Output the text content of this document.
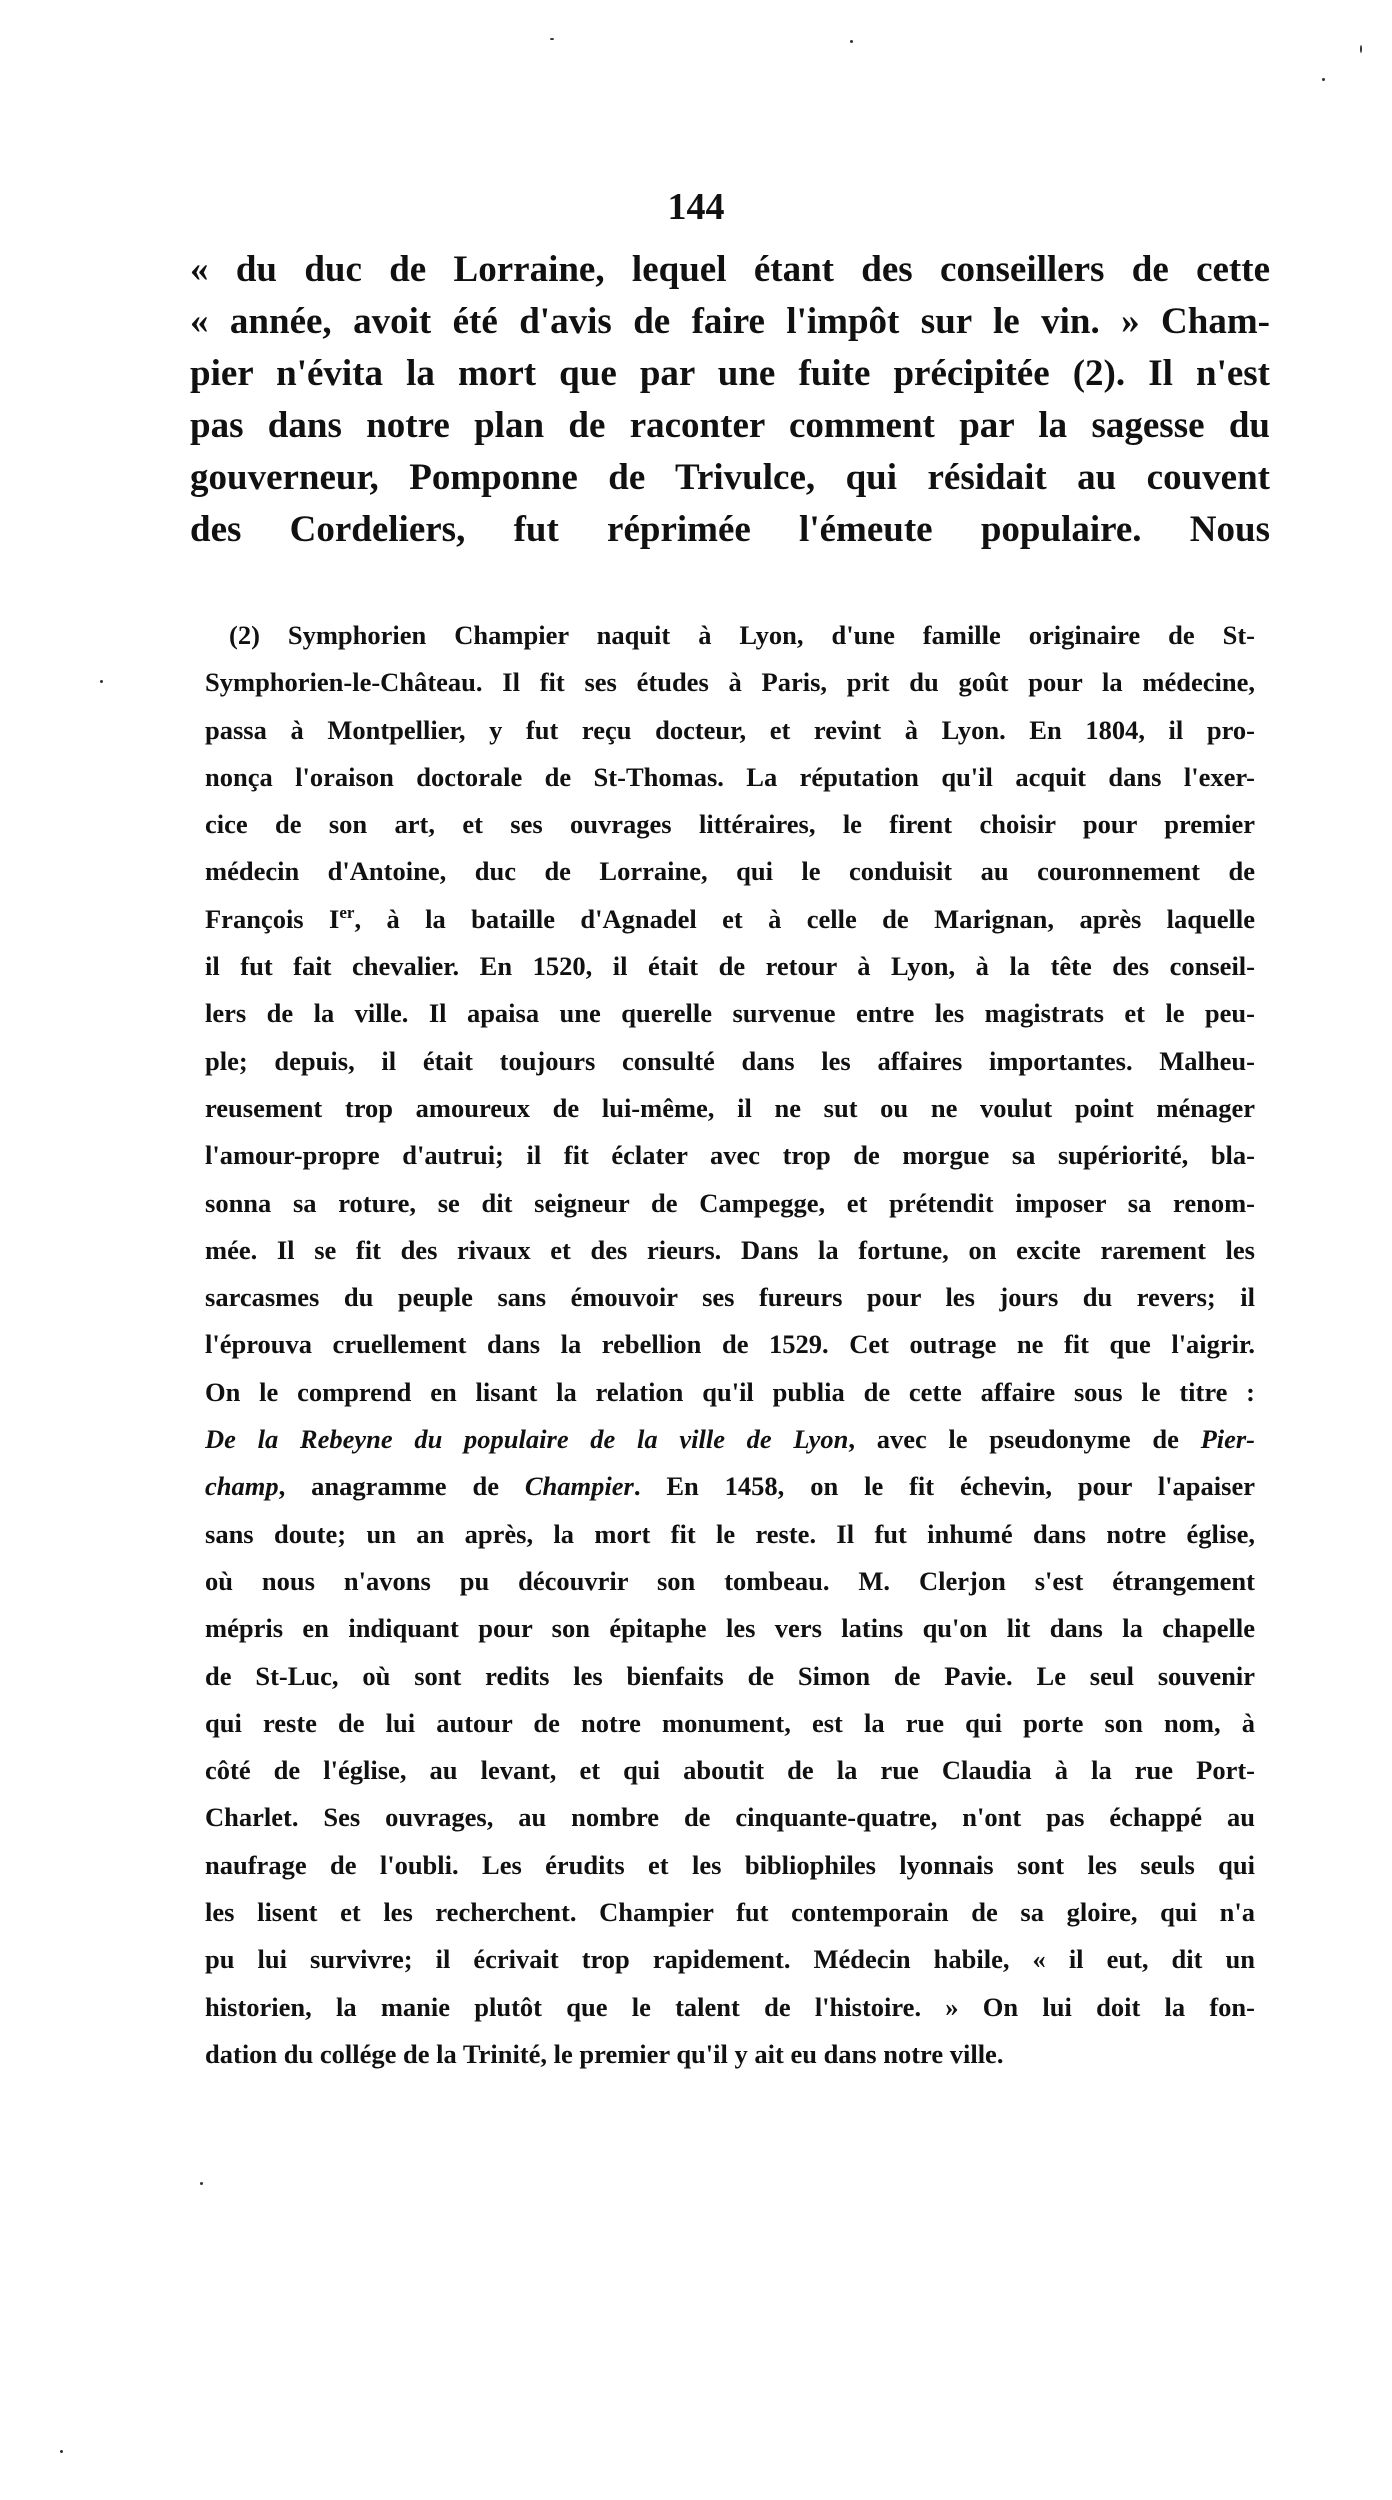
144
« du duc de Lorraine, lequel étant des conseillers de cette
« année, avoit été d'avis de faire l'impôt sur le vin. » Cham-
pier n'évita la mort que par une fuite précipitée (2). Il n'est
pas dans notre plan de raconter comment par la sagesse du
gouverneur, Pomponne de Trivulce, qui résidait au couvent
des Cordeliers, fut réprimée l'émeute populaire. Nous
(2) Symphorien Champier naquit à Lyon, d'une famille originaire de St-
Symphorien-le-Château. Il fit ses études à Paris, prit du goût pour la médecine,
passa à Montpellier, y fut reçu docteur, et revint à Lyon. En 1804, il pro-
nonça l'oraison doctorale de St-Thomas. La réputation qu'il acquit dans l'exer-
cice de son art, et ses ouvrages littéraires, le firent choisir pour premier
médecin d'Antoine, duc de Lorraine, qui le conduisit au couronnement de
François Ier, à la bataille d'Agnadel et à celle de Marignan, après laquelle
il fut fait chevalier. En 1520, il était de retour à Lyon, à la tête des conseil-
lers de la ville. Il apaisa une querelle survenue entre les magistrats et le peu-
ple; depuis, il était toujours consulté dans les affaires importantes. Malheu-
reusement trop amoureux de lui-même, il ne sut ou ne voulut point ménager
l'amour-propre d'autrui; il fit éclater avec trop de morgue sa supériorité, bla-
sonna sa roture, se dit seigneur de Campegge, et prétendit imposer sa renom-
mée. Il se fit des rivaux et des rieurs. Dans la fortune, on excite rarement les
sarcasmes du peuple sans émouvoir ses fureurs pour les jours du revers; il
l'éprouva cruellement dans la rebellion de 1529. Cet outrage ne fit que l'aigrir.
On le comprend en lisant la relation qu'il publia de cette affaire sous le titre :
De la Rebeyne du populaire de la ville de Lyon, avec le pseudonyme de Pier-
champ, anagramme de Champier. En 1458, on le fit échevin, pour l'apaiser
sans doute; un an après, la mort fit le reste. Il fut inhumé dans notre église,
où nous n'avons pu découvrir son tombeau. M. Clerjon s'est étrangement
mépris en indiquant pour son épitaphe les vers latins qu'on lit dans la chapelle
de St-Luc, où sont redits les bienfaits de Simon de Pavie. Le seul souvenir
qui reste de lui autour de notre monument, est la rue qui porte son nom, à
côté de l'église, au levant, et qui aboutit de la rue Claudia à la rue Port-
Charlet. Ses ouvrages, au nombre de cinquante-quatre, n'ont pas échappé au
naufrage de l'oubli. Les érudits et les bibliophiles lyonnais sont les seuls qui
les lisent et les recherchent. Champier fut contemporain de sa gloire, qui n'a
pu lui survivre; il écrivait trop rapidement. Médecin habile, « il eut, dit un
historien, la manie plutôt que le talent de l'histoire. » On lui doit la fon-
dation du collége de la Trinité, le premier qu'il y ait eu dans notre ville.
